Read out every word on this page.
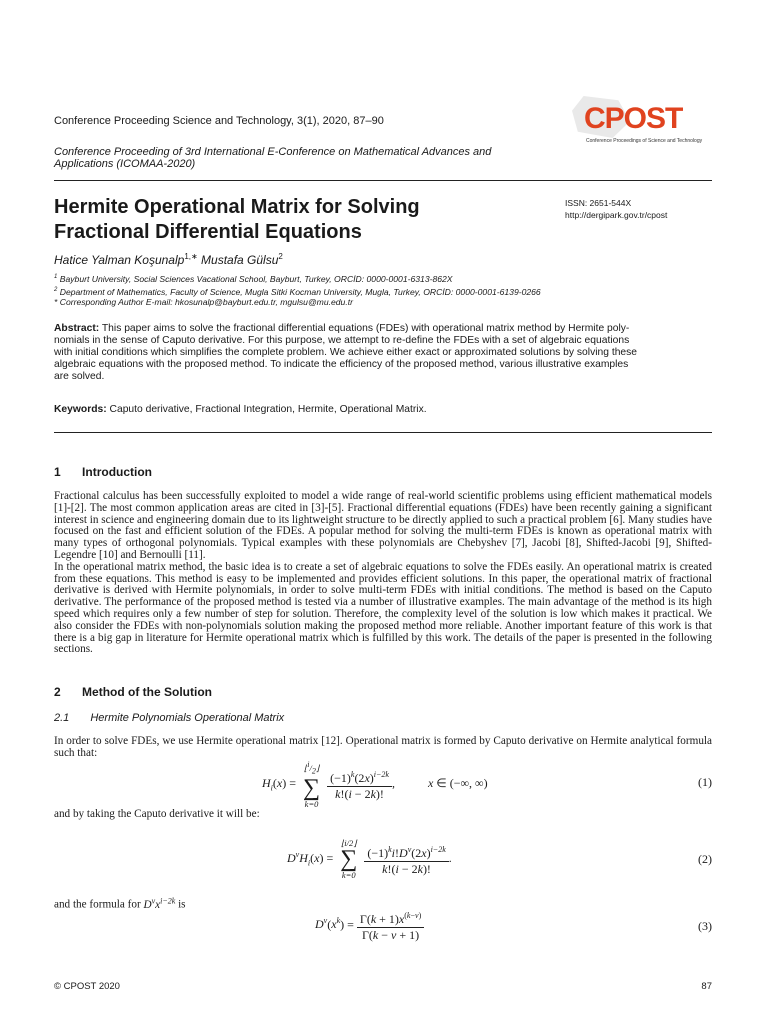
Conference Proceeding Science and Technology, 3(1), 2020, 87–90
Conference Proceeding of 3rd International E-Conference on Mathematical Advances and
Applications (ICOMAA-2020)
CPOST
Conference Proceedings of Science and Technology
Hermite Operational Matrix for Solving
Fractional Differential Equations
ISSN: 2651-544X
http://dergipark.gov.tr/cpost
Hatice Yalman Koşunalp$^{1,∗}$ Mustafa Gülsu$^2$
$^1$ Bayburt University, Social Sciences Vacational School, Bayburt, Turkey, ORCİD: 0000-0001-6313-862X
$^2$ Department of Mathematics, Faculty of Science, Mugla Sitki Kocman University, Mugla, Turkey, ORCİD: 0000-0001-6139-0266
* Corresponding Author E-mail: hkosunalp@bayburt.edu.tr, mgulsu@mu.edu.tr
Abstract: This paper aims to solve the fractional differential equations (FDEs) with operational matrix method by Hermite poly-
nomials in the sense of Caputo derivative. For this purpose, we attempt to re-define the FDEs with a set of algebraic equations
with initial conditions which simplifies the complete problem. We achieve either exact or approximated solutions by solving these
algebraic equations with the proposed method. To indicate the efficiency of the proposed method, various illustrative examples
are solved.
Keywords: Caputo derivative, Fractional Integration, Hermite, Operational Matrix.
1 Introduction

Fractional calculus has been successfully exploited to model a wide range of real-world scientific problems using efficient mathematical models [1]-[2]. The most common application areas are cited in [3]-[5]. Fractional differential equations (FDEs) have been recently gaining a significant interest in science and engineering domain due to its lightweight structure to be directly applied to such a practical problem [6]. Many studies have focused on the fast and efficient solution of the FDEs. A popular method for solving the multi-term FDEs is known as operational matrix with many types of orthogonal polynomials. Typical examples with these polynomials are Chebyshev [7], Jacobi [8], Shifted-Jacobi [9], Shifted-Legendre [10] and Bernoulli [11].

In the operational matrix method, the basic idea is to create a set of algebraic equations to solve the FDEs easily. An operational matrix is created from these equations. This method is easy to be implemented and provides efficient solutions. In this paper, the operational matrix of fractional derivative is derived with Hermite polynomials, in order to solve multi-term FDEs with initial conditions. The method is based on the Caputo derivative. The performance of the proposed method is tested via a number of illustrative examples. The main advantage of the method is its high speed which requires only a few number of step for solution. Therefore, the complexity level of the solution is low which makes it practical. We also consider the FDEs with non-polynomials solution making the proposed method more reliable. Another important feature of this work is that there is a big gap in literature for Hermite operational matrix which is fulfilled by this work. The details of the paper is presented in the following sections.

2 Method of the Solution
2.1 Hermite Polynomials Operational Matrix
In order to solve FDEs, we use Hermite operational matrix [12]. Operational matrix is formed by Caputo derivative on Hermite analytical formula such that:
$H_i(x)$ =
$⌊^i/_2⌋$
∑
k=0

$\frac{(-1)^k(2x)^{i-2k}}{k!(i - 2k)!}$ ,	x ∈ (−∞, ∞)	(1)
and by taking the Caputo derivative it will be:
$D^vH_i(x)$ =
⌊i/2⌋
∑
k=0
$\frac{(-1)^ki!D^v(2x)^{i-2k}}{k!(i - 2k)!}$ .	(2)
and the formula for $D^vx^{i-2k}$ is
$D^v(x^k) = \frac{\Gamma(k + 1)x^{(k-v)}}{\Gamma(k - v + 1)}$	(3)
© CPOST 2020	87
